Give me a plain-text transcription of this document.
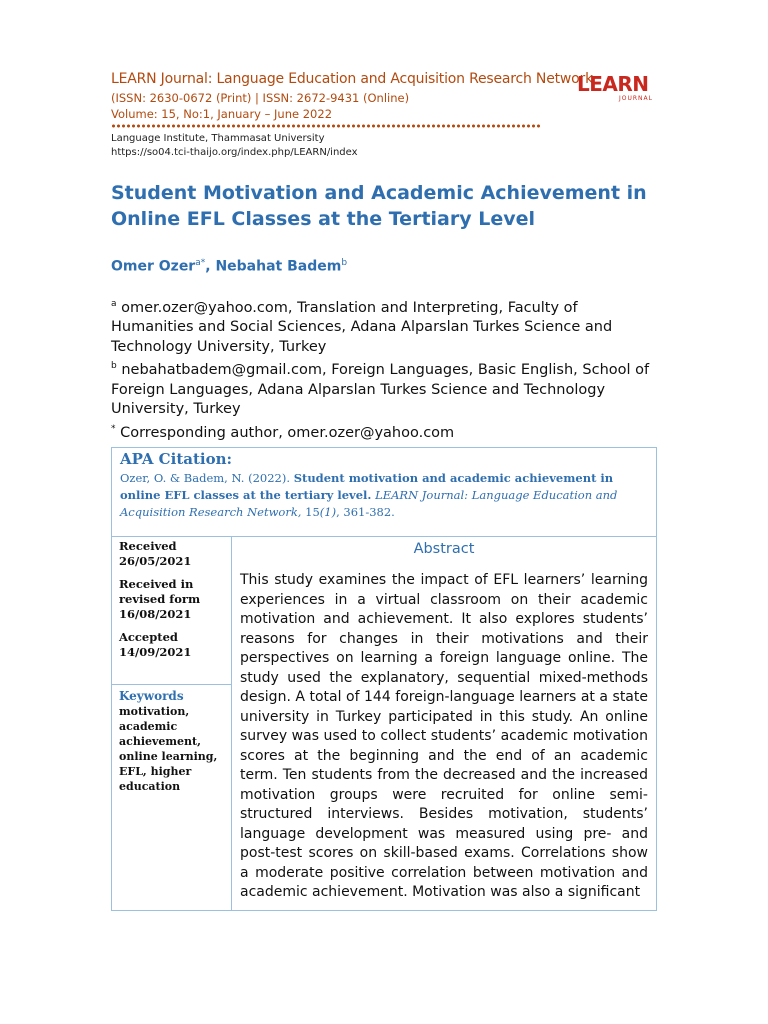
LEARN Journal: Language Education and Acquisition Research Network
(ISSN: 2630-0672 (Print) | ISSN: 2672-9431 (Online)
Volume: 15, No:1, January – June 2022
Language Institute, Thammasat University
https://so04.tci-thaijo.org/index.php/LEARN/index
LEARN
JOURNAL
Student Motivation and Academic Achievement in Online EFL Classes at the Tertiary Level
Omer Ozer$^{a*}$, Nebahat Badem$^b$

$^a$ omer.ozer@yahoo.com, Translation and Interpreting, Faculty of Humanities and Social Sciences, Adana Alparslan Turkes Science and Technology University, Turkey

$^b$ nebahatbadem@gmail.com, Foreign Languages, Basic English, School of Foreign Languages, Adana Alparslan Turkes Science and Technology University, Turkey

* Corresponding author, omer.ozer@yahoo.com

APA Citation:
Ozer, O. & Badem, N. (2022). Student motivation and academic achievement in online EFL classes at the tertiary level. LEARN Journal: Language Education and Acquisition Research Network, 15(1), 361-382.
Received
26/05/2021
Received in
revised form
16/08/2021
Accepted
14/09/2021
Keywords
motivation, academic achievement, online learning, EFL, higher education
Abstract
This study examines the impact of EFL learners’ learning experiences in a virtual classroom on their academic motivation and achievement. It also explores students’ reasons for changes in their motivations and their perspectives on learning a foreign language online. The study used the explanatory, sequential mixed-methods design. A total of 144 foreign-language learners at a state university in Turkey participated in this study. An online survey was used to collect students’ academic motivation scores at the beginning and the end of an academic term. Ten students from the decreased and the increased motivation groups were recruited for online semi-structured interviews. Besides motivation, students’ language development was measured using pre- and post-test scores on skill-based exams. Correlations show a moderate positive correlation between motivation and academic achievement. Motivation was also a significant
